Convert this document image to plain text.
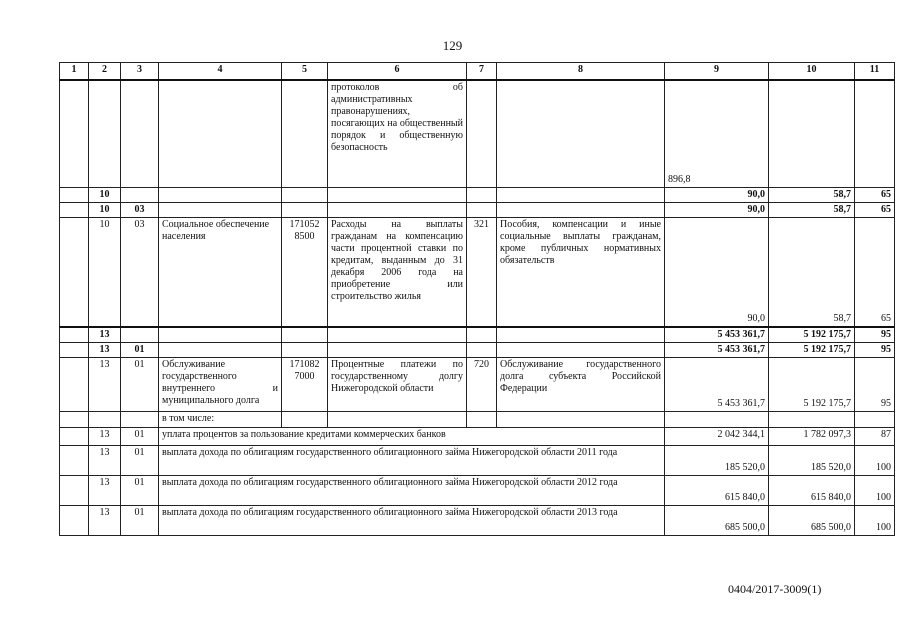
129
1	2	3	4	5	6	7	8	9	10	11
					протоколов об административных правонарушениях, посягающих на общественный порядок и общественную безопасность			896,8		
	10							90,0	58,7	65
	10	03						90,0	58,7	65
	10	03	Социальное обеспечение населения	171052 8500	Расходы на выплаты гражданам на компенсацию части процентной ставки по кредитам, выданным до 31 декабря 2006 года на приобретение или строительство жилья	321	Пособия, компенсации и иные социальные выплаты гражданам, кроме публичных нормативных обязательств	90,0	58,7	65
	13							5 453 361,7	5 192 175,7	95
	13	01						5 453 361,7	5 192 175,7	95
	13	01	Обслуживание государственного внутреннего и муниципального долга	171082 7000	Процентные платежи по государственному долгу Нижегородской области	720	Обслуживание государственного долга субъекта Российской Федерации	5 453 361,7	5 192 175,7	95
			в том числе:							
	13	01	уплата процентов за пользование кредитами коммерческих банков					2 042 344,1	1 782 097,3	87
	13	01	выплата дохода по облигациям государственного облигационного займа Нижегородской области 2011 года					185 520,0	185 520,0	100
	13	01	выплата дохода по облигациям государственного облигационного займа Нижегородской области 2012 года					615 840,0	615 840,0	100
	13	01	выплата дохода по облигациям государственного облигационного займа Нижегородской области 2013 года					685 500,0	685 500,0	100
0404/2017-3009(1)
